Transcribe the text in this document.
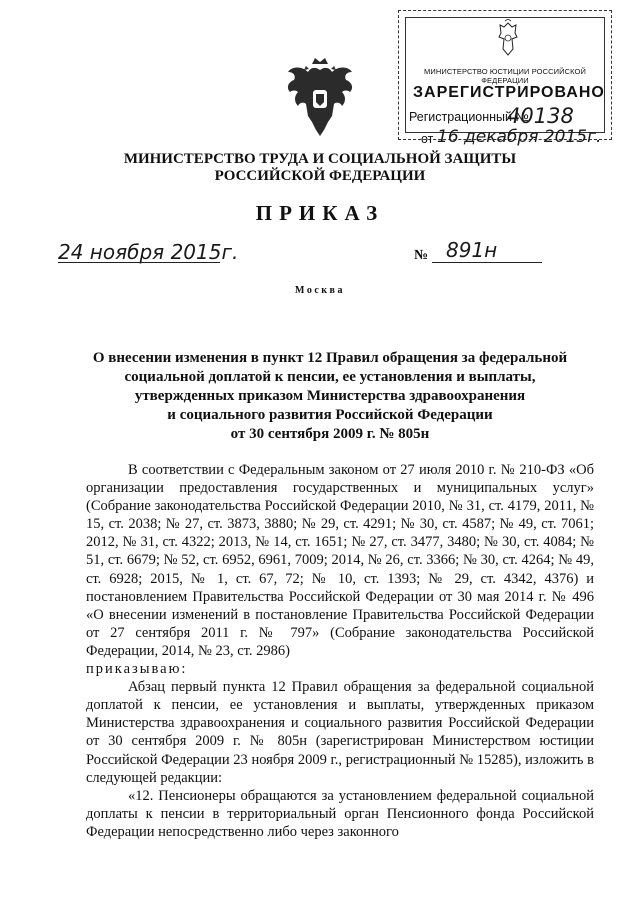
МИНИСТЕРСТВО ЮСТИЦИИ РОССИЙСКОЙ ФЕДЕРАЦИИ
ЗАРЕГИСТРИРОВАНО
Регистрационный №
40138
от 16 декабря 2015г.
МИНИСТЕРСТВО ТРУДА И СОЦИАЛЬНОЙ ЗАЩИТЫ
РОССИЙСКОЙ ФЕДЕРАЦИИ
ПРИКАЗ
24 ноября 2015г.	№ 891н
Москва
О внесении изменения в пункт 12 Правил обращения за федеральной
социальной доплатой к пенсии, ее установления и выплаты,
утвержденных приказом Министерства здравоохранения
и социального развития Российской Федерации
от 30 сентября 2009 г. № 805н

В соответствии с Федеральным законом от 27 июля 2010 г. № 210-ФЗ «Об организации предоставления государственных и муниципальных услуг» (Собрание законодательства Российской Федерации 2010, № 31, ст. 4179, 2011, № 15, ст. 2038; № 27, ст. 3873, 3880; № 29, ст. 4291; № 30, ст. 4587; № 49, ст. 7061; 2012, № 31, ст. 4322; 2013, № 14, ст. 1651; № 27, ст. 3477, 3480; № 30, ст. 4084; № 51, ст. 6679; № 52, ст. 6952, 6961, 7009; 2014, № 26, ст. 3366; № 30, ст. 4264; № 49, ст. 6928; 2015, № 1, ст. 67, 72; № 10, ст. 1393; № 29, ст. 4342, 4376) и постановлением Правительства Российской Федерации от 30 мая 2014 г. № 496 «О внесении изменений в постановление Правительства Российской Федерации от 27 сентября 2011 г. № 797» (Собрание законодательства Российской Федерации, 2014, № 23, ст. 2986)

приказываю:

Абзац первый пункта 12 Правил обращения за федеральной социальной доплатой к пенсии, ее установления и выплаты, утвержденных приказом Министерства здравоохранения и социального развития Российской Федерации от 30 сентября 2009 г. № 805н (зарегистрирован Министерством юстиции Российской Федерации 23 ноября 2009 г., регистрационный № 15285), изложить в следующей редакции:

«12. Пенсионеры обращаются за установлением федеральной социальной доплаты к пенсии в территориальный орган Пенсионного фонда Российской Федерации непосредственно либо через законного
